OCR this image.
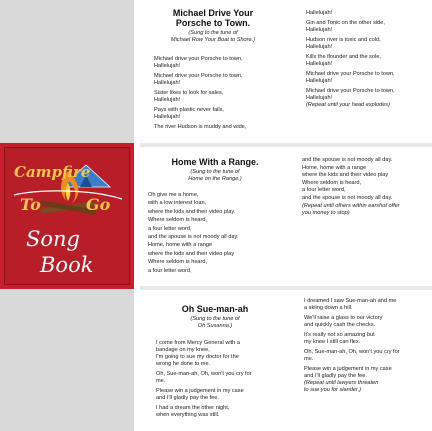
Campfire
To	Go
Song
Book
Michael Drive Your
Porsche to Town.
(Sung to the tune of
Michael Row Your Boat to Shore.)
Michael drive your Porsche to town,
Hallelujah!
Michael drive your Porsche to town,
Hallelujah!
Sister likes to look for sales,
Hallelujah!
Pays with plastic never fails,
Hallelujah!
The river Hudson is muddy and wide,
Hallelujah!
Gin and Tonic on the other side,
Hallelujah!
Hudson river is toxic and cold,
Hallelujah!
Kills the flounder and the sole,
Hallelujah!
Michael drive your Porsche to town,
Hallelujah!
Michael drive your Porsche to town,
Hallelujah!
(Repeat until your head explodes)
Home With a Range.
(Sung to the tune of
Home on the Range.)
Oh give me a home,
with a low interest loan,
where the kids and their video play.
Where seldom is heard,
a four letter word,
and the spouse is not moody all day.
Home, home with a range
where the kids and their video play
Where seldom is heard,
a four letter word,
and the spouse is not moody all day.
Home, home with a range
where the kids and their video play
Where seldom is heard,
a four letter word,
and the spouse is not moody all day.
(Repeat until others within earshot offer
you money to stop)
Oh Sue-man-ah
(Sung to the tune of
Oh Susanna.)
I come from Mercy General with a
bandage on my knee,
I'm going to sue my doctor for the
wrong he done to me.
Oh, Sue-man-ah, Oh, won't you cry for
me.
Please win a judgement in my case
and I'll gladly pay the fee.
I had a dream the other night,
when everything was still.
I dreamed I saw Sue-man-ah and me
a skiing down a hill.
We'll raise a glass to our victory
and quickly cash the checks.
It's really not so amazing but
my knee I still can flex.
Oh, Sue-man-ah, Oh, won't you cry for
me.
Please win a judgement in my case
and I'll gladly pay the fee.
(Repeat until lawyers threaten
to sue you for slander.)
